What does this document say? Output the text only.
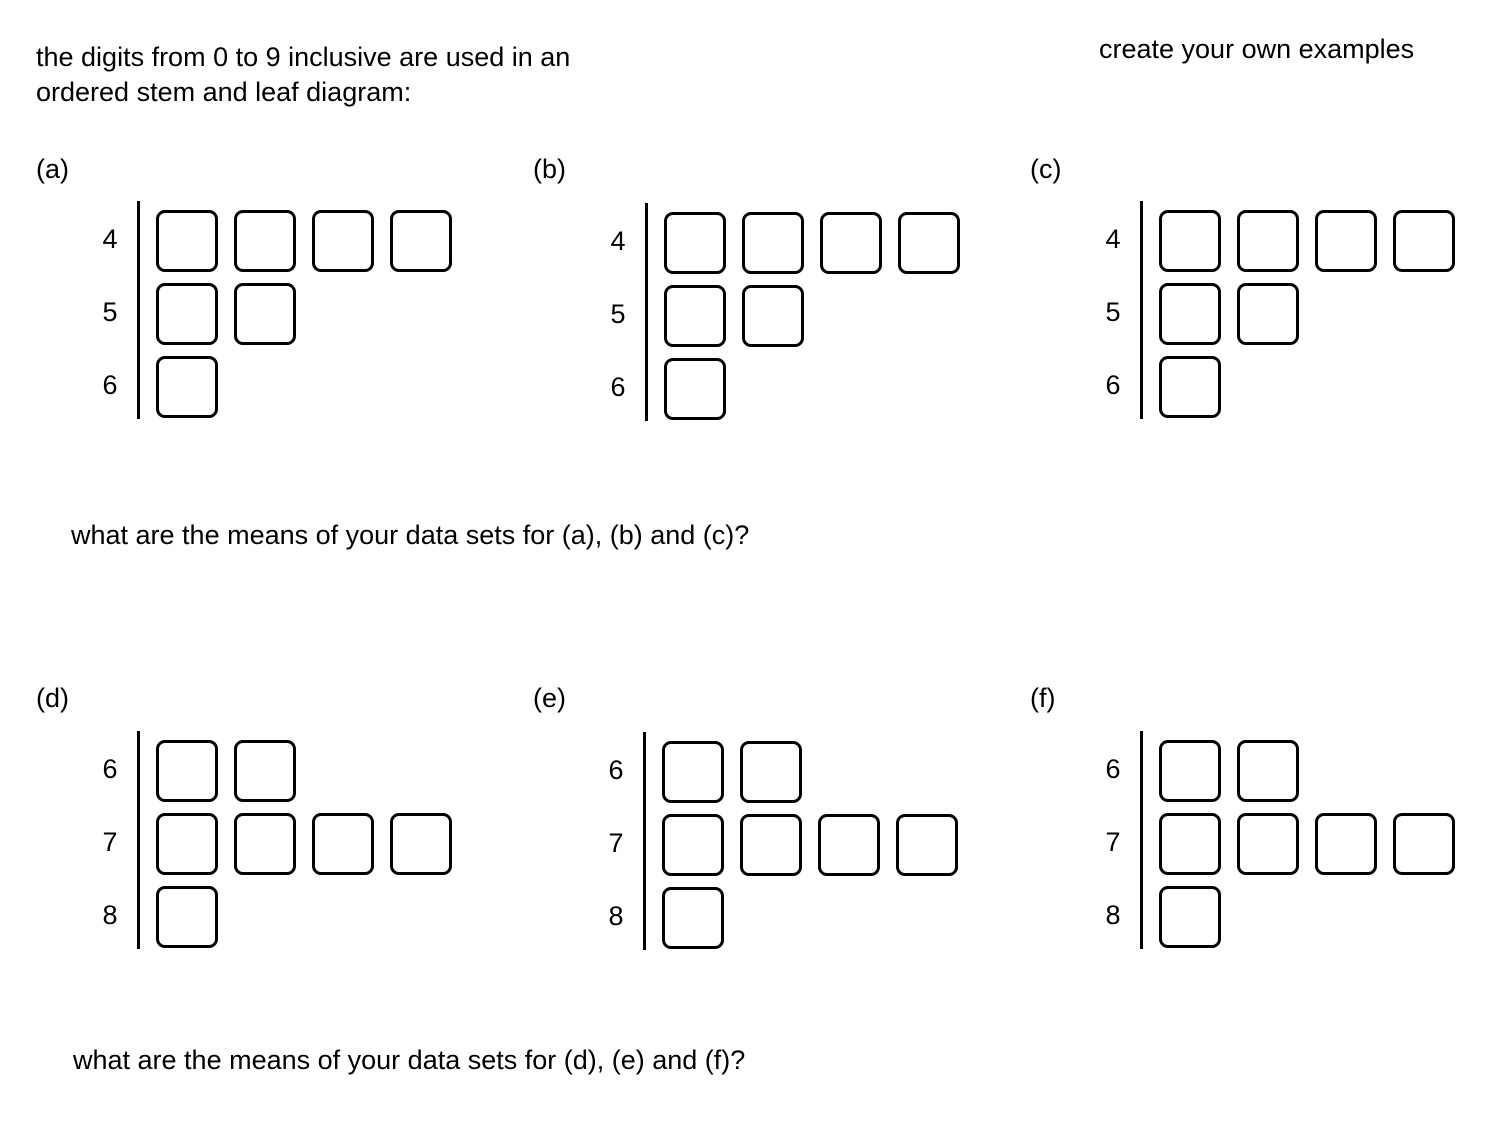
the digits from 0 to 9 inclusive are used in an ordered stem and leaf diagram:
create your own examples
(a)
4
5
6
(b)
4
5
6
(c)
4
5
6
(d)
6
7
8
(e)
6
7
8
(f)
6
7
8
what are the means of your data sets for (a), (b) and (c)?
what are the means of your data sets for (d), (e) and (f)?
